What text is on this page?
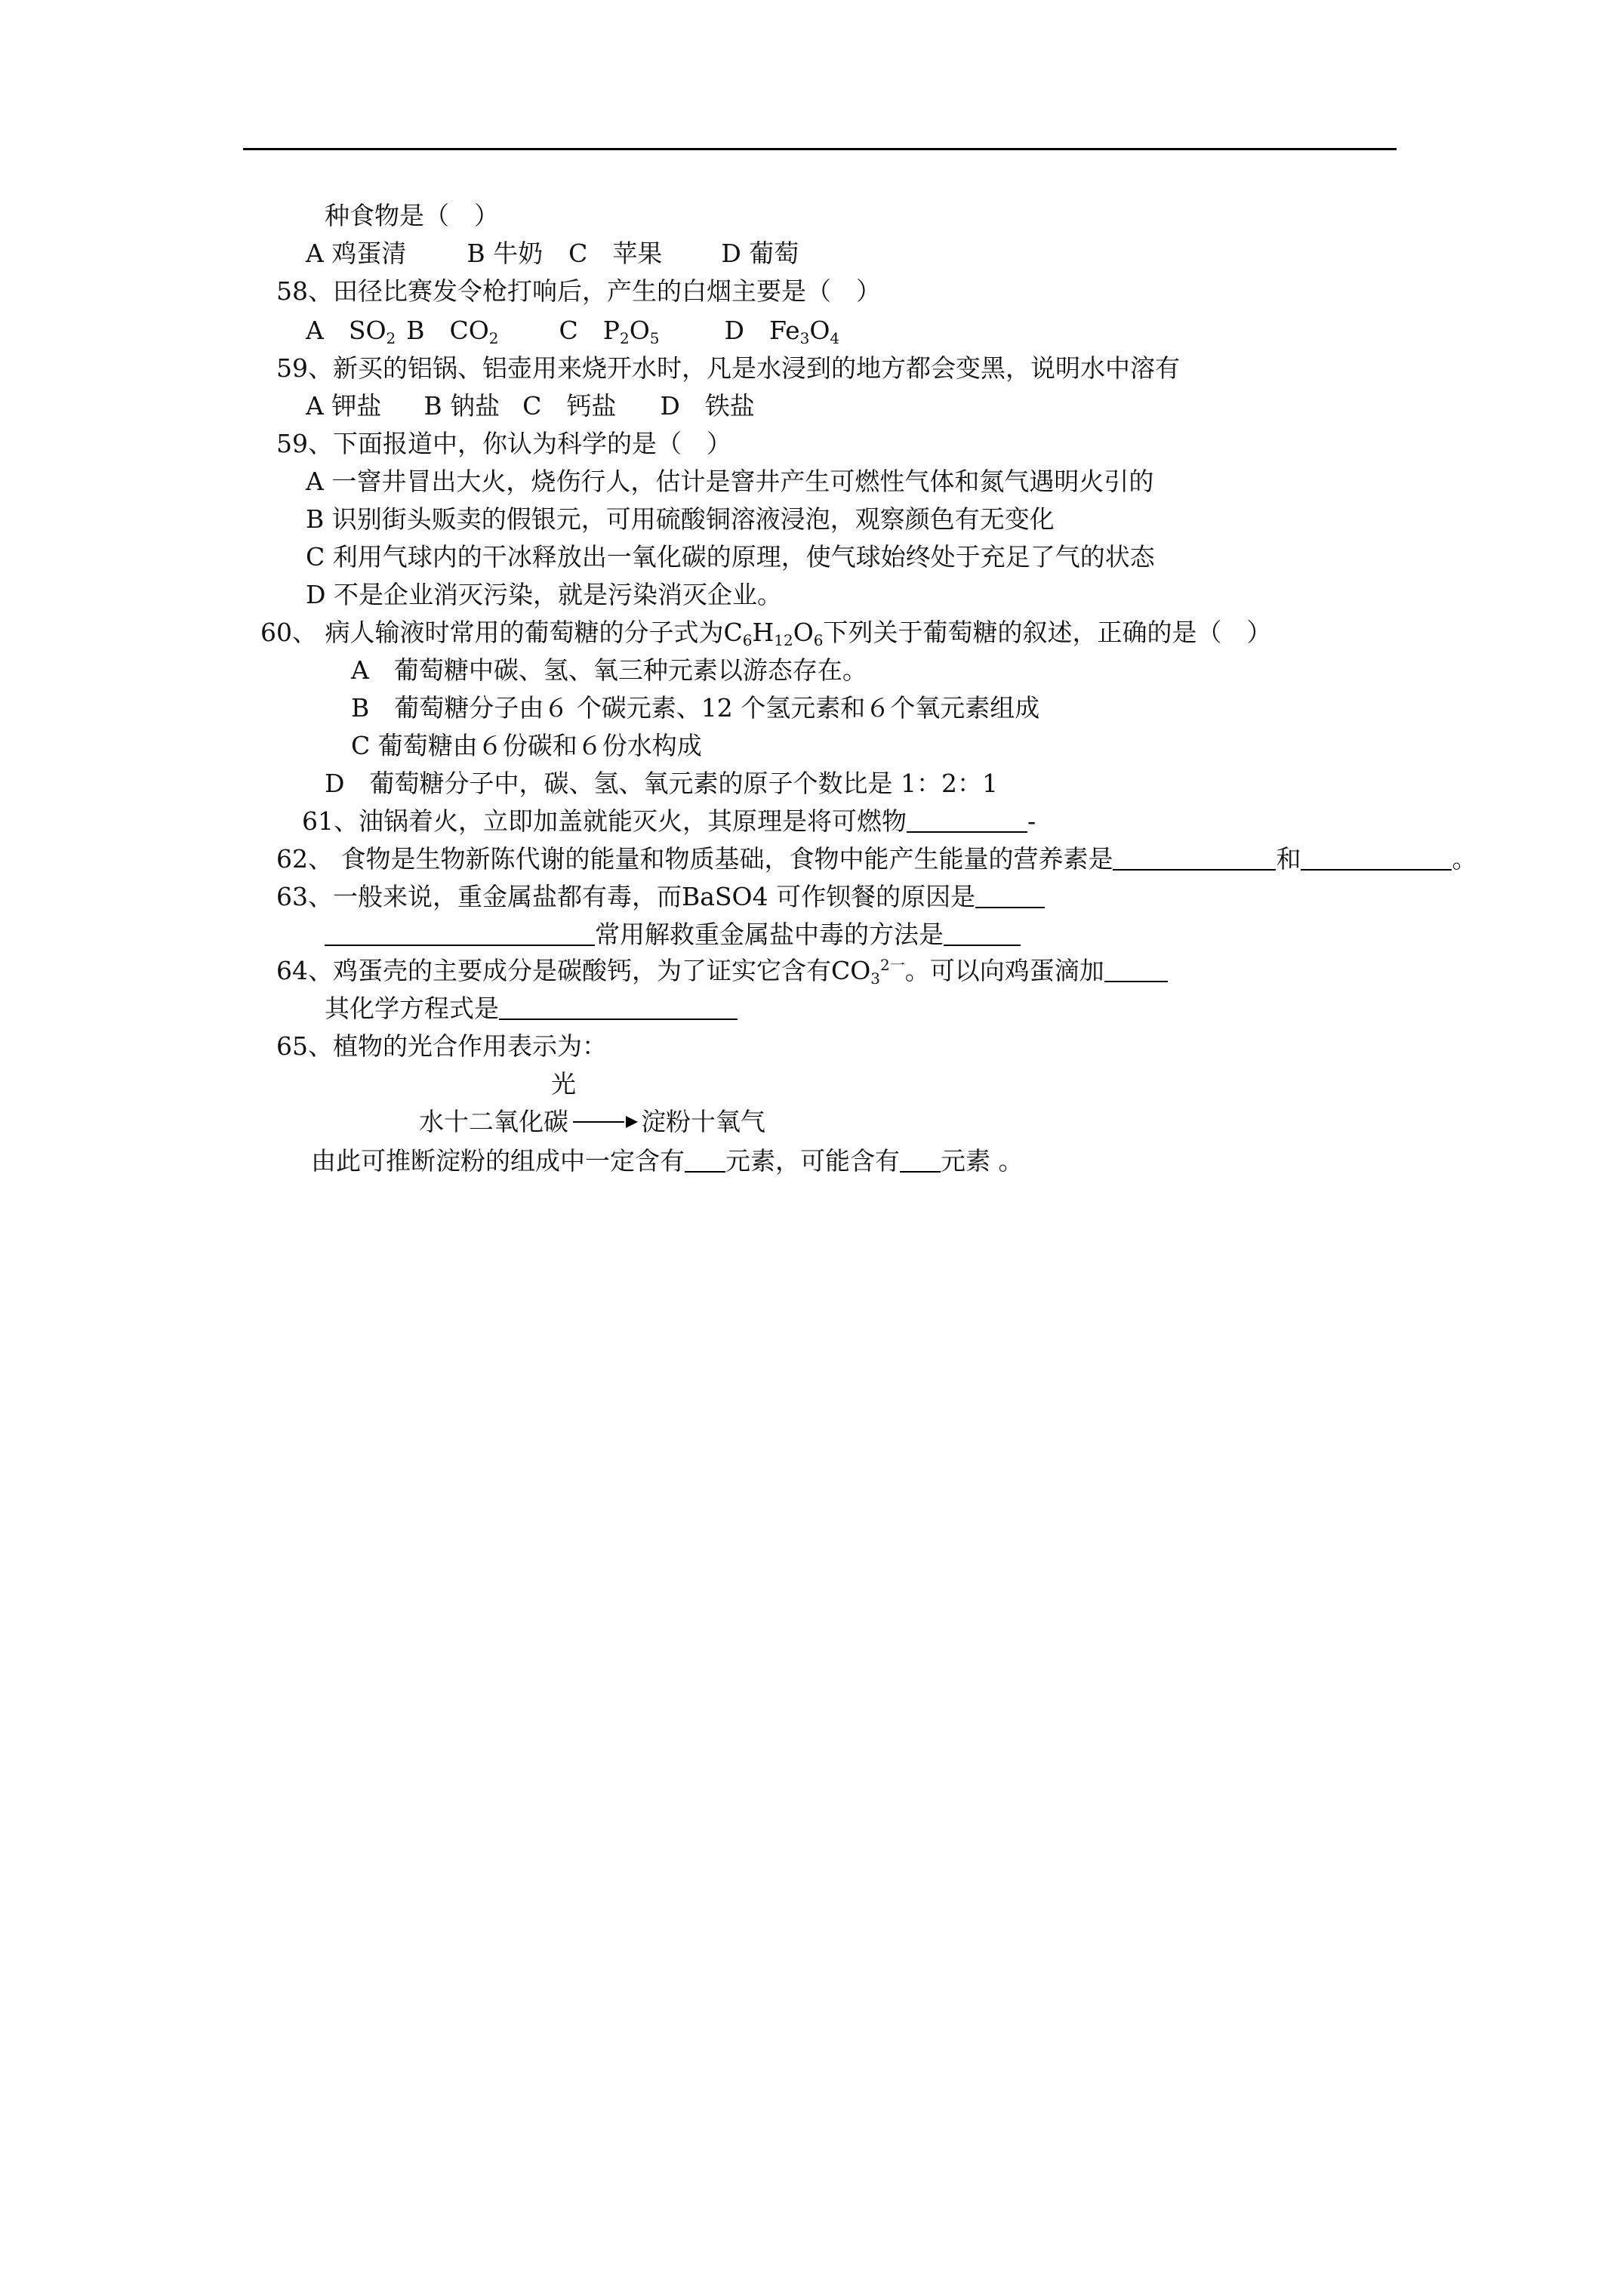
种食物是（　）
A 鸡蛋清 B 牛奶 C　苹果 D 葡萄
58、田径比赛发令枪打响后，产生的白烟主要是（　）
A　$SO_2$ B　$CO_2$ C　$P_2O_5$	D　$Fe_3O_4$
59、新买的铝锅、铝壶用来烧开水时，凡是水浸到的地方都会变黑，说明水中溶有
A 钾盐 B 钠盐 C　钙盐 D　铁盐
59、下面报道中，你认为科学的是（　）
A 一窨井冒出大火，烧伤行人，估计是窨井产生可燃性气体和氮气遇明火引的
B 识别街头贩卖的假银元，可用硫酸铜溶液浸泡，观察颜色有无变化
C 利用气球内的干冰释放出一氧化碳的原理，使气球始终处于充足了气的状态
D 不是企业消灭污染，就是污染消灭企业。
60、 病人输液时常用的葡萄糖的分子式为$C_6H_{12}O_6$下列关于葡萄糖的叙述，正确的是（　）
A　葡萄糖中碳、氢、氧三种元素以游态存在。
B　葡萄糖分子由６ 个碳元素、12 个氢元素和６个氧元素组成
C 葡萄糖由６份碳和６份水构成
D　葡萄糖分子中，碳、氢、氧元素的原子个数比是 1：2：1
61、油锅着火，立即加盖就能灭火，其原理是将可燃物	-
62、 食物是生物新陈代谢的能量和物质基础，食物中能产生能量的营养素是	和	。
63、一般来说，重金属盐都有毒，而BaSO4 可作钡餐的原因是
常用解救重金属盐中毒的方法是
64、鸡蛋壳的主要成分是碳酸钙，为了证实它含有$CO_3^{2一}$。可以向鸡蛋滴加
其化学方程式是
65、植物的光合作用表示为：
光
水十二氧化碳	淀粉十氧气
由此可推断淀粉的组成中一定含有 元素，可能含有 元素 。
